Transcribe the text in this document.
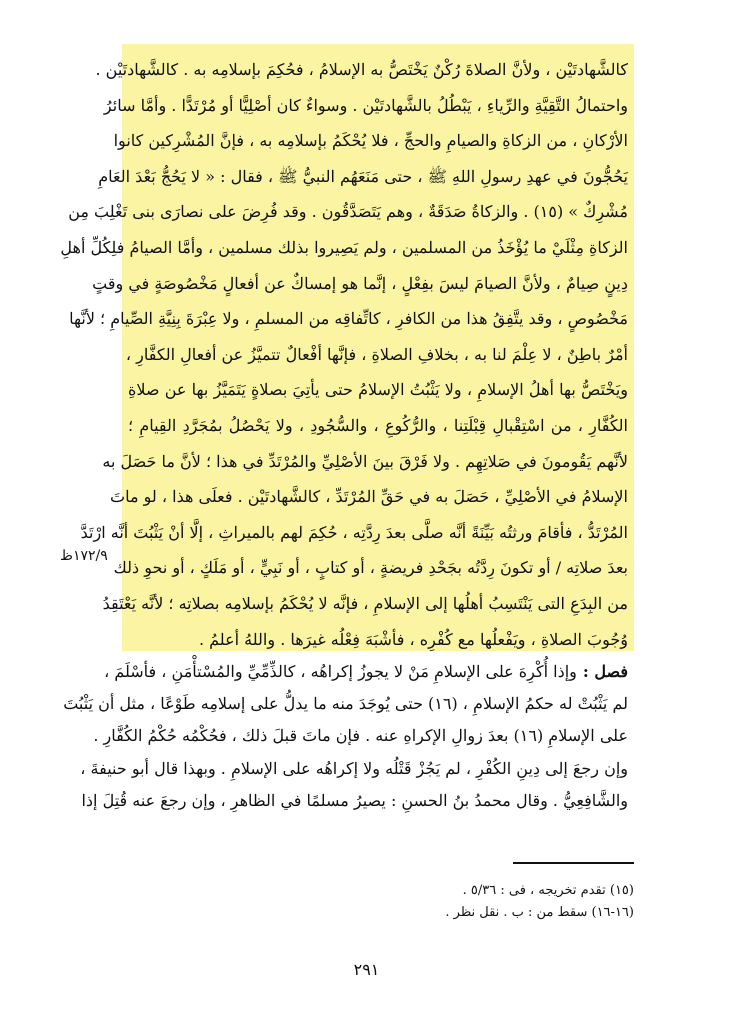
كالشَّهادتَيْن ، ولأنَّ الصلاةَ رُكْنٌ يَخْتَصُّ به الإسلامُ ، فحُكِمَ بإسلامِه به . كالشَّهادتَيْن .
واحتمالُ التَّقِيَّةِ والرِّياءِ ، يَبْطُلُ بالشَّهادتَيْن . وسواءٌ كان أصْلِيًّا أو مُرْتَدًّا . وأمَّا سائرُ
الأرْكانِ ، من الزكاةِ والصيامِ والحجِّ ، فلا يُحْكَمُ بإسلامِه به ، فإنَّ المُشْرِكين كانوا
يَحُجُّونَ في عهدِ رسولِ اللهِ ﷺ ، حتى مَنَعَهُم النبيُّ ﷺ ، فقال : « لا يَحُجُّ بَعْدَ العَامِ
مُشْرِكٌ » (١٥) . والزكاةُ صَدَقَةٌ ، وهم يَتَصَدَّقُون . وقد فُرِضَ على نصارَى بنى تَغْلِبَ مِن
الزكاةِ مِثْلَيْ ما يُؤْخَذُ من المسلمين ، ولم يَصِيروا بذلك مسلمين ، وأمَّا الصيامُ فلِكُلِّ أهلِ
دِينٍ صِيامٌ ، ولأنَّ الصيامَ ليسَ بفِعْلٍ ، إنَّما هو إمساكٌ عن أفعالٍ مَخْصُوصَةٍ في وقتٍ
مَخْصُوصٍ ، وقد يتَّفِقُ هذا من الكافرِ ، كاتِّفاقِه من المسلمِ ، ولا عِبْرَةَ بِنِيَّةِ الصِّيامِ ؛ لأنَّها
أمْرٌ باطِنٌ ، لا عِلْمَ لنا به ، بخلافِ الصلاةِ ، فإنَّها أفْعالٌ تتميَّزُ عن أفعالِ الكفَّارِ ،
ويَخْتَصُّ بها أهلُ الإسلامِ ، ولا يَثْبُتُ الإسلامُ حتى يأتِيَ بصلاةٍ يَتَمَيَّزُ بها عن صلاةِ
الكُفَّارِ ، من اسْتِقْبالِ قِبْلَتِنا ، والرُّكُوعِ ، والسُّجُودِ ، ولا يَحْصُلُ بمُجَرَّدِ القِيامِ ؛
لأنَّهم يَقُومونَ في صَلاتِهِم . ولا فَرْقَ بينَ الأصْلِيِّ والمُرْتَدِّ في هذا ؛ لأنَّ ما حَصَلَ به
الإسلامُ في الأصْلِيِّ ، حَصَلَ به في حَقِّ المُرْتَدِّ ، كالشَّهادتَيْن . فعلَى هذا ، لو ماتَ
المُرْتَدُّ ، فأقامَ ورثتُه بَيِّنَةً أنَّه صلَّى بعدَ رِدَّتِه ، حُكِمَ لهم بالميراثِ ، إلَّا أنْ يَثْبُتَ أنَّه ارْتَدَّ
بعدَ صلاتِه / أو تكونَ رِدَّتُه بجَحْدِ فريضةٍ ، أو كتابٍ ، أو نَبِيٍّ ، أو مَلَكٍ ، أو نحوِ ذلك
من البِدَعِ التى يَنْتَسِبُ أهلُها إلى الإسلامِ ، فإنَّه لا يُحْكَمُ بإسلامِه بصلاتِه ؛ لأنَّه يَعْتَقِدُ
وُجُوبَ الصلاةِ ، ويَفْعلُها مع كُفْرِه ، فأشْبَهَ فِعْلُه غيرَها . واللهُ أعلمُ .
١٧٢/٩ظ
فصل :وإذا أُكْرِهَ على الإسلامِ مَنْ لا يجوزُ إكراهُه ، كالذِّمِّيِّ والمُسْتأْمَنِ ، فأسْلَمَ ،
لم يَثْبُتْ له حكمُ الإسلامِ ، (١٦) حتى يُوجَدَ منه ما يدلُّ على إسلامِه طَوْعًا ، مثل أن يَثْبُتَ
على الإسلامِ (١٦) بعدَ زوالِ الإكراهِ عنه . فإن ماتَ قبلَ ذلك ، فحُكْمُه حُكْمُ الكُفَّارِ .
وإن رجعَ إلى دِينِ الكُفْرِ ، لم يَجُزْ قَتْلُه ولا إكراهُه على الإسلامِ . وبهذا قال أبو حنيفةَ ،
والشَّافِعِيُّ . وقال محمدُ بنُ الحسنِ : يصيرُ مسلمًا في الظاهرِ ، وإن رجعَ عنه قُتِلَ إذا
(١٥) تقدم تخريجه ، فى : ٥/٣٦ .
(١٦-١٦) سقط من : ب . نقل نظر .
٢٩١
